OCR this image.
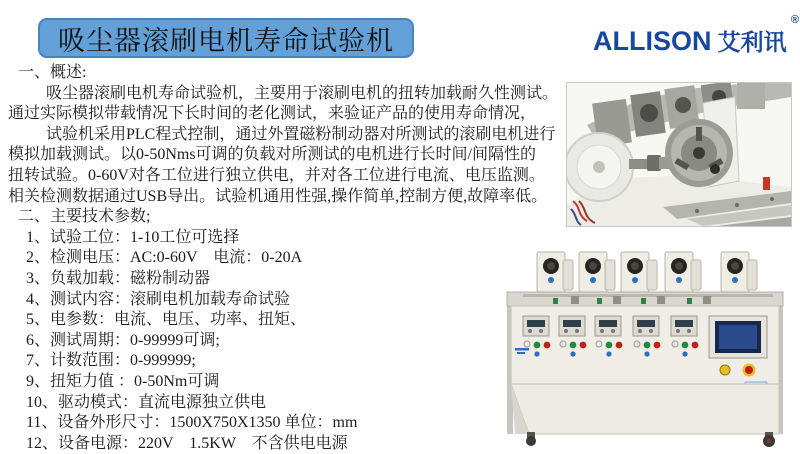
吸尘器滚刷电机寿命试验机	ALLISON 艾利讯
®
一、概述:
吸尘器滚刷电机寿命试验机，主要用于滚刷电机的扭转加载耐久性测试。
通过实际模拟带载情况下长时间的老化测试，来验证产品的使用寿命情况，
试验机采用PLC程式控制，通过外置磁粉制动器对所测试的滚刷电机进行
模拟加载测试。以0-50Nms可调的负载对所测试的电机进行长时间/间隔性的
扭转试验。0-60V对各工位进行独立供电，并对各工位进行电流、电压监测。
相关检测数据通过USB导出。试验机通用性强,操作简单,控制方便,故障率低。
二、主要技术参数;
1、试验工位：1-10工位可选择
2、检测电压：AC:0-60V　电流：0-20A
3、负载加载：磁粉制动器
4、测试内容：滚刷电机加载寿命试验
5、电参数：电流、电压、功率、扭矩、
6、测试周期：0-99999可调;
7、计数范围：0-999999;
9、扭矩力值 ：0-50Nm可调
10、驱动模式：直流电源独立供电
11、设备外形尺寸：1500X750X1350 单位：mm
12、设备电源：220V　1.5KW　不含供电电源
